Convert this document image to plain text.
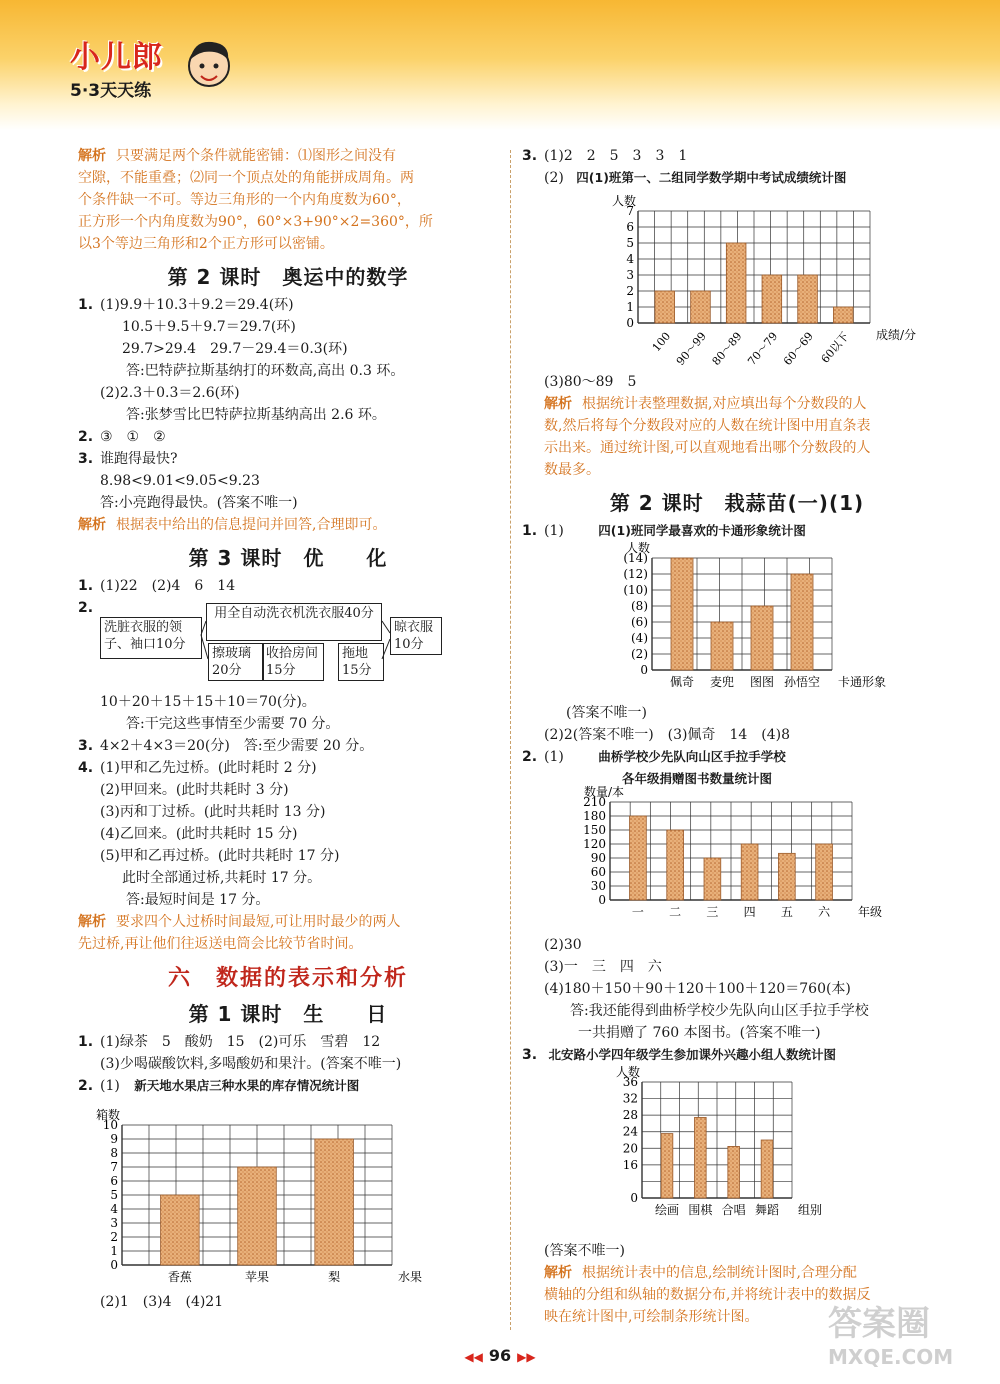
小儿郎
5·3天天练
解析 只要满足两个条件就能密铺：⑴图形之间没有
空隙，不能重叠；⑵同一个顶点处的角能拼成周角。两
个条件缺一不可。等边三角形的一个内角度数为60°，
正方形一个内角度数为90°，60°×3+90°×2=360°，所
以3个等边三角形和2个正方形可以密铺。
第 2 课时　奥运中的数学
1. (1)9.9＋10.3＋9.2＝29.4(环)
10.5＋9.5＋9.7＝29.7(环)
29.7>29.4　29.7－29.4＝0.3(环)
答:巴特萨拉斯基纳打的环数高,高出 0.3 环。
(2)2.3＋0.3＝2.6(环)
答:张梦雪比巴特萨拉斯基纳高出 2.6 环。
2. ③　①　②
3. 谁跑得最快?
8.98<9.01<9.05<9.23
答:小亮跑得最快。(答案不唯一)
解析 根据表中给出的信息提问并回答,合理即可。
第 3 课时　优　　化
1. (1)22　(2)4　6　14
2.
洗脏衣服的领子、袖口10分
用全自动洗衣机洗衣服40分
擦玻璃20分
收拾房间15分
拖地15分
晾衣服10分
10＋20＋15＋15＋10＝70(分)。
答:干完这些事情至少需要 70 分。
3. 4×2＋4×3＝20(分)　答:至少需要 20 分。
4. (1)甲和乙先过桥。(此时耗时 2 分)
(2)甲回来。(此时共耗时 3 分)
(3)丙和丁过桥。(此时共耗时 13 分)
(4)乙回来。(此时共耗时 15 分)
(5)甲和乙再过桥。(此时共耗时 17 分)
此时全部通过桥,共耗时 17 分。
答:最短时间是 17 分。
解析 要求四个人过桥时间最短,可让用时最少的两人
先过桥,再让他们往返送电筒会比较节省时间。
六　数据的表示和分析
第 1 课时　生　　日
1. (1)绿茶　5　酸奶　15　(2)可乐　雪碧　12
(3)少喝碳酸饮料,多喝酸奶和果汁。(答案不唯一)
2. (1) 新天地水果店三种水果的库存情况统计图
0
1
2
3
4
5
6
7
8
9
10
箱数
香蕉	苹果	梨	水果
(2)1　(3)4　(4)21
3. (1)2　2　5　3　3　1
(2) 四(1)班第一、二组同学数学期中考试成绩统计图
0
1
2
3
4
5
6
7
人数
100 90～99 80～89 70～79 60～69 60以下 成绩/分
(3)80～89　5
解析 根据统计表整理数据,对应填出每个分数段的人
数,然后将每个分数段对应的人数在统计图中用直条表
示出来。通过统计图,可以直观地看出哪个分数段的人
数最多。
第 2 课时　栽蒜苗(一)(1)
1. (1)	四(1)班同学最喜欢的卡通形象统计图
0
(2)
(4)
(6)
(8)
(10)
(12)
(14)
人数
佩奇 麦兜 图图 孙悟空 卡通形象
(答案不唯一)
(2)2(答案不唯一)　(3)佩奇　14　(4)8
2. (1)	曲桥学校少先队向山区手拉手学校
各年级捐赠图书数量统计图
0
30
60
90
120
150
180
210
数量/本
一 二 三 四 五 六 年级
(2)30
(3)一　三　四　六
(4)180＋150＋90＋120＋100＋120＝760(本)
答:我还能得到曲桥学校少先队向山区手拉手学校
一共捐赠了 760 本图书。(答案不唯一)
3. 北安路小学四年级学生参加课外兴趣小组人数统计图
0
16
20
24
28
32
36
人数
绘画 围棋 合唱 舞蹈 组别
(答案不唯一)
解析 根据统计表中的信息,绘制统计图时,合理分配
横轴的分组和纵轴的数据分布,并将统计表中的数据反
映在统计图中,可绘制条形统计图。
◀◀ 96 ▶▶
答案圈
MXQE.COM
